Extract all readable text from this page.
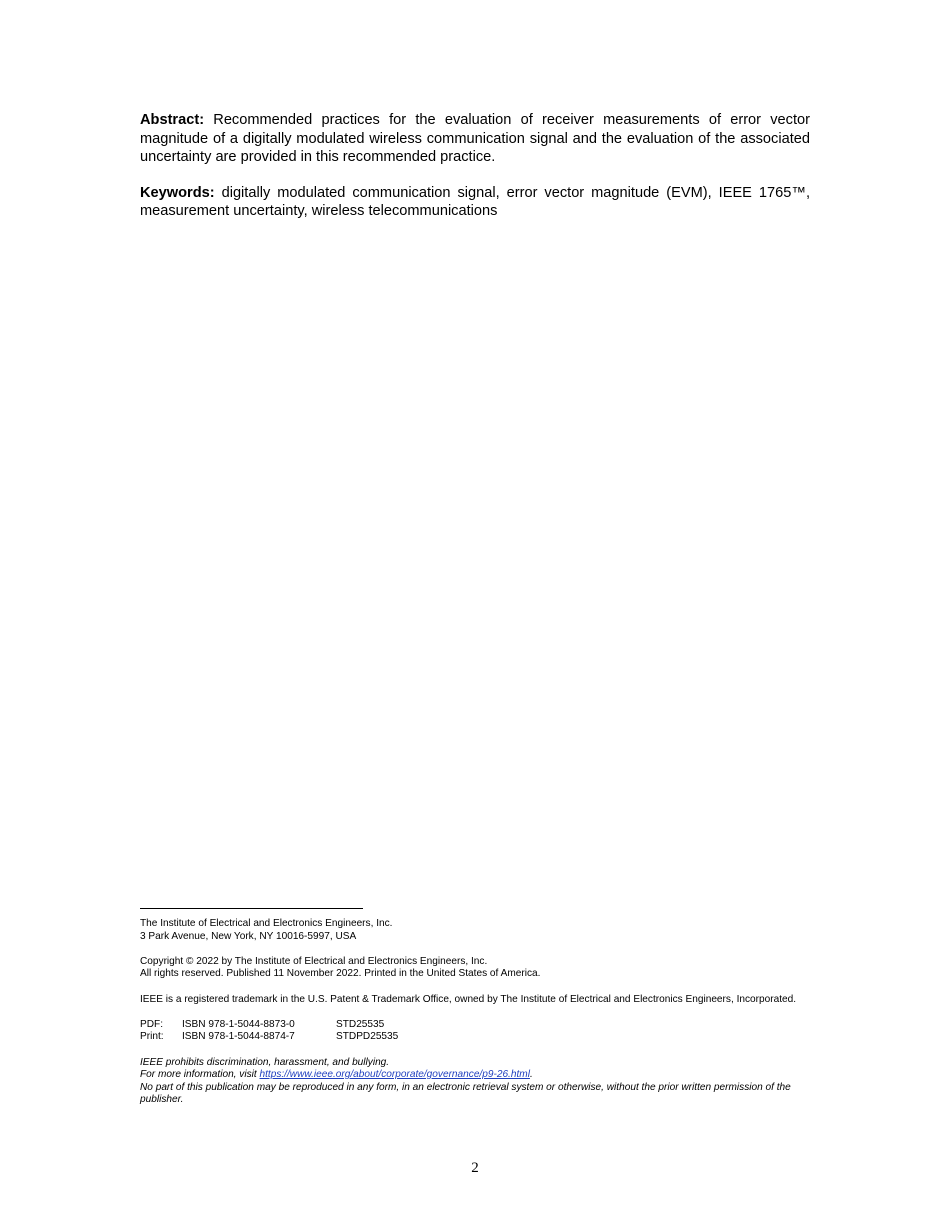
Abstract: Recommended practices for the evaluation of receiver measurements of error vector magnitude of a digitally modulated wireless communication signal and the evaluation of the associated uncertainty are provided in this recommended practice.

Keywords: digitally modulated communication signal, error vector magnitude (EVM), IEEE 1765™, measurement uncertainty, wireless telecommunications

The Institute of Electrical and Electronics Engineers, Inc.

3 Park Avenue, New York, NY 10016-5997, USA

Copyright © 2022 by The Institute of Electrical and Electronics Engineers, Inc.

All rights reserved. Published 11 November 2022. Printed in the United States of America.

IEEE is a registered trademark in the U.S. Patent & Trademark Office, owned by The Institute of Electrical and Electronics Engineers, Incorporated.

PDF:	ISBN 978-1-5044-8873-0	STD25535
Print:	ISBN 978-1-5044-8874-7	STDPD25535

IEEE prohibits discrimination, harassment, and bullying.

For more information, visit https://www.ieee.org/about/corporate/governance/p9-26.html.

No part of this publication may be reproduced in any form, in an electronic retrieval system or otherwise, without the prior written permission of the publisher.

2
